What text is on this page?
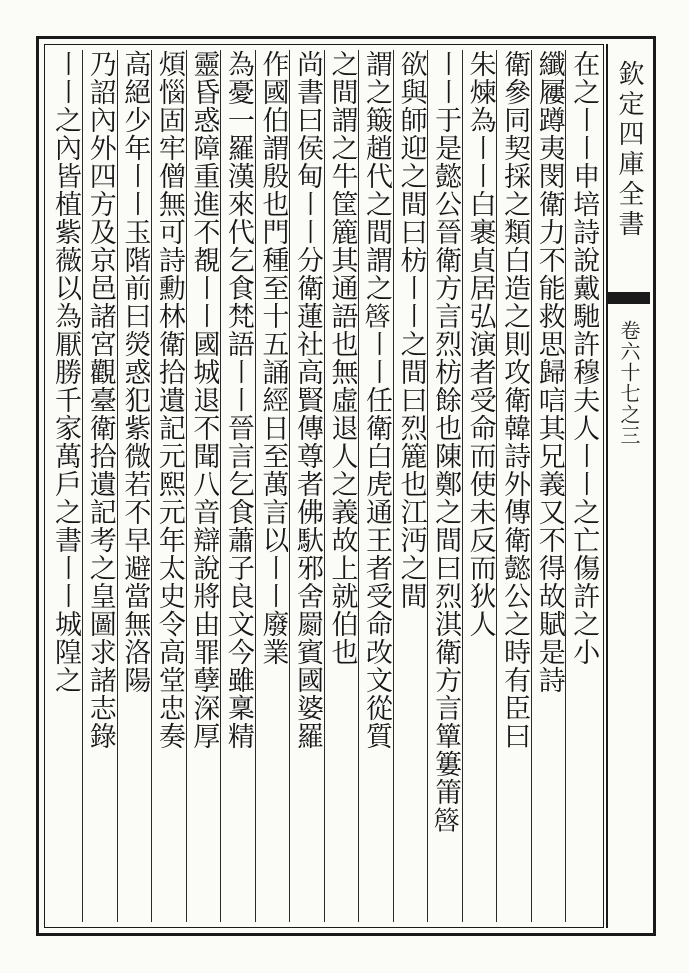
欽定四庫全書
卷六十七之三
在之〡〡申培詩說戴馳許穆夫人〡〡之亡傷許之小
纖屨蹲夷閔衛力不能救思歸唁其兄義又不得故賦是詩
衛參同契採之類白造之則攻衛韓詩外傳衛懿公之時有臣曰
朱煉為〡〡白裹貞居弘演者受命而使未反而狄人
〡〡于是懿公晉衛方言烈枋餘也陳鄭之間曰烈淇衛方言簞簍𥮉𥳃
欲與師迎之間曰枋〡〡之間曰烈簏也江沔之間
謂之簸趙代之間謂之𥳃〡〡任衛白虎通王者受命改文從質
之間謂之牛筐簏其通語也無虛退人之義故上就伯也
尚書曰侯甸〡〡分衛蓮社高賢傳尊者佛馱邪舍罽賓國婆羅
作國伯謂殷也門種至十五誦經日至萬言以〡〡廢業
為憂一羅漢來代乞食梵語〡〡晉言乞食蕭子良文今雖稟精
靈昏惑障重進不覩〡〡國城退不聞八音辯說將由罪孽深厚
煩惱固牢僧無可詩勳林衛拾遺記元熙元年太史令高堂忠奏
高絕少年〡〡玉階前曰熒惑犯紫微若不早避當無洛陽
乃詔內外四方及京邑諸宮觀臺衛拾遺記考之皇圖求諸志錄
〡〡之內皆植紫薇以為厭勝千家萬戶之書〡〡城隍之
